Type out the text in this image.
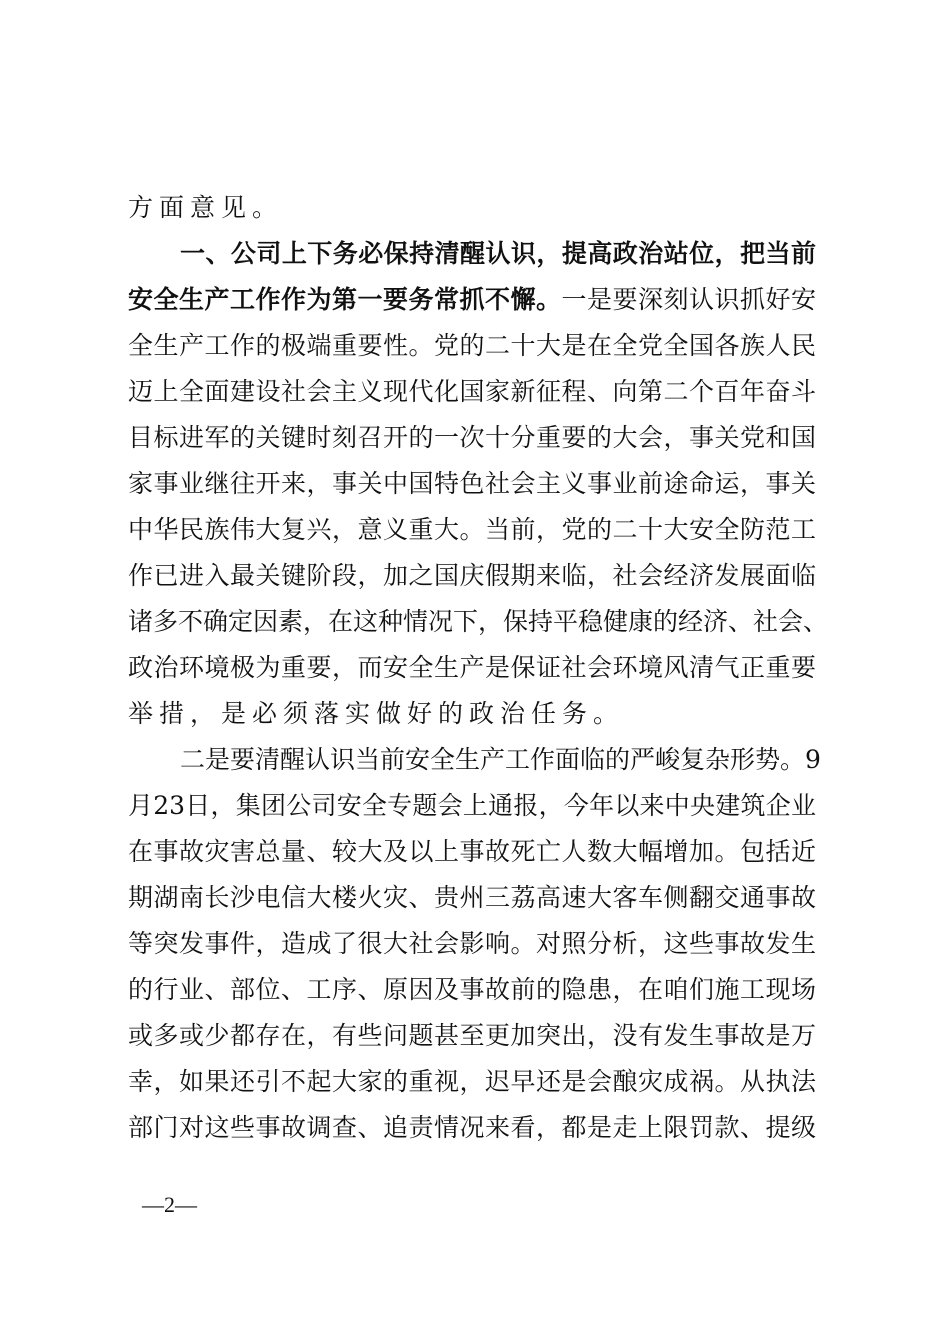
方面意见。
一、公司上下务必保持清醒认识，提高政治站位，把当前
安全生产工作作为第一要务常抓不懈。一是要深刻认识抓好安
全生产工作的极端重要性。党的二十大是在全党全国各族人民
迈上全面建设社会主义现代化国家新征程、向第二个百年奋斗
目标进军的关键时刻召开的一次十分重要的大会，事关党和国
家事业继往开来，事关中国特色社会主义事业前途命运，事关
中华民族伟大复兴，意义重大。当前，党的二十大安全防范工
作已进入最关键阶段，加之国庆假期来临，社会经济发展面临
诸多不确定因素，在这种情况下，保持平稳健康的经济、社会、
政治环境极为重要，而安全生产是保证社会环境风清气正重要
举措，是必须落实做好的政治任务。
二是要清醒认识当前安全生产工作面临的严峻复杂形势。9
月23日，集团公司安全专题会上通报，今年以来中央建筑企业
在事故灾害总量、较大及以上事故死亡人数大幅增加。包括近
期湖南长沙电信大楼火灾、贵州三荔高速大客车侧翻交通事故
等突发事件，造成了很大社会影响。对照分析，这些事故发生
的行业、部位、工序、原因及事故前的隐患，在咱们施工现场
或多或少都存在，有些问题甚至更加突出，没有发生事故是万
幸，如果还引不起大家的重视，迟早还是会酿灾成祸。从执法
部门对这些事故调查、追责情况来看，都是走上限罚款、提级
—2—
